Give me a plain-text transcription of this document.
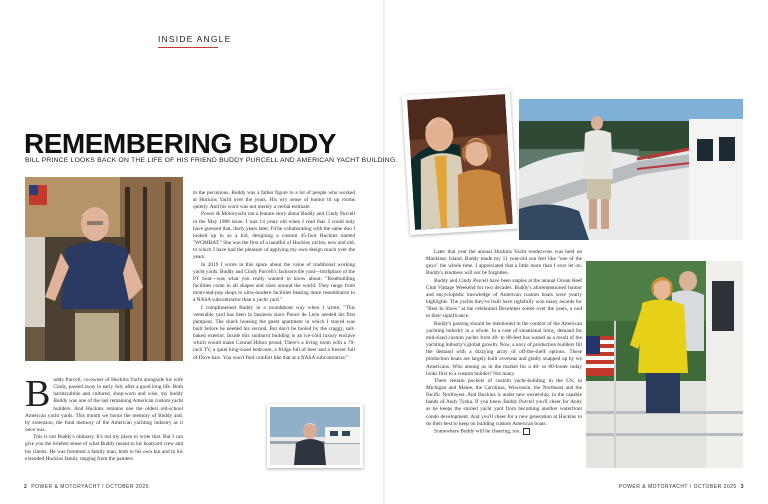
INSIDE ANGLE
REMEMBERING BUDDY
BILL PRINCE LOOKS BACK ON THE LIFE OF HIS FRIEND BUDDY PURCELL AND AMERICAN YACHT BUILDING.

Buddy Purcell, co-owner of Huckins Yacht alongside his wife Cindy, passed away in early July after a good long life. Both hardscrabble and cultured, shop-worn and wise, my buddy Buddy was one of the last remaining American custom yacht builders. And Huckins remains one the oldest old-school American yacht yards. This month we honor the memory of Buddy and, by extension, the fond memory of the American yachting industry as it once was.

This is not Buddy's obituary. It's not my place to write that. But I can give you the briefest sense of what Buddy meant to his boatyard crew and his clients. He was foremost a family man, both to his own kin and to his extended Huckins family ranging from the painters

to the pecunious. Buddy was a father figure to a lot of people who worked at Huckins Yacht over the years. His wry sense of humor lit up rooms quietly. And his word was not merely a verbal estimate.

Power & Motoryacht ran a feature story about Buddy and Cindy Purcell in the May 1988 issue. I was 14 years old when I read that. I could only have guessed that, thirty years later, I'd be collaborating with the same duo I looked up to as a kid, designing a custom 45-foot Huckins named "WOMBAT." She was the first of a handful of Huckins yachts, new and old, to which I have had the pleasure of applying my own design touch over the years.

In 2019 I wrote in this space about the value of traditional working yacht yards. Buddy and Cindy Purcell's Jacksonville yard—birthplace of the PT boat—was what you really wanted to know about: "Boatbuilding facilities come in all shapes and sizes around the world. They range from mom-and-pop shops to ultra-modern facilities bearing more resemblance to a NASA subcontractor than a yacht yard."

I complimented Buddy in a roundabout way when I wrote, "This venerable yard has been in business since Ponce de León needed his first pumpout. The shack housing the guest apartment in which I stayed was built before he needed his second. But don't be fooled by the craggy, salt-baked exterior. Inside this sunburnt building is an ice-cold luxury enclave which would make Conrad Hilton proud. There's a living room with a 70-inch TV, a quiet king-sized bedroom, a fridge full of beer and a freezer full of Dove bars. You won't find comfort like that at a NASA subcontractor."

Later that year the annual Huckins Yacht rendezvous was held on Mackinac Island. Buddy made my 11 year-old son feel like "one of the guys" the whole time. I appreciated that a little more than I ever let on. Buddy's kindness will not be forgotten.

Buddy and Cindy Purcell have been staples at the annual Ocean Reef Club Vintage Weekend for two decades. Buddy's aforementioned humor and encyclopedic knowledge of American custom boats were yearly highlights. The yachts they've built have rightfully won many awards for "Best In Show" at the celebrated December soiree over the years, a nod to their significance.

Buddy's passing should be mentioned in the context of the American yachting industry in a whole. In a case of situational irony, demand for mid-sized custom yachts from 40- to 80-feet has waned as a result of the yachting industry's global growth. Now, a navy of production builders fill the demand with a dizzying array of off-the-shelf options. These production boats are largely built overseas and gladly snapped up by we Americans. Who among us in the market for a 40- to 80-footer today looks first to a custom builder? Not many.

There remain pockets of custom yacht-building in the US; in Michigan and Maine, the Carolinas, Wisconsin, the Northeast and the Pacific Northwest. And Huckins is under new ownership, in the capable hands of Andy Tyska. If you knew Buddy Purcell you'll cheer for Andy as he keeps the storied yacht yard from becoming another waterfront condo development. And you'll cheer for a new generation at Huckins to do their best to keep on building custom American boats.

Somewhere Buddy will be cheering, too.

2 POWER & MOTORYACHT / OCTOBER 2025	POWER & MOTORYACHT / OCTOBER 2025 3
